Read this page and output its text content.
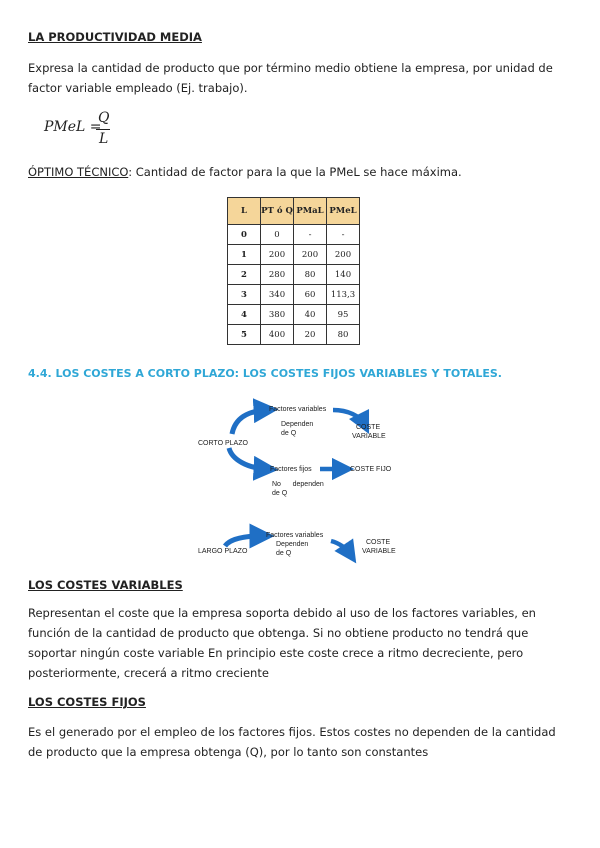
LA PRODUCTIVIDAD MEDIA
Expresa la cantidad de producto que por término medio obtiene la empresa, por unidad de factor variable empleado (Ej. trabajo).
PMeL =
Q
L
ÓPTIMO TÉCNICO: Cantidad de factor para la que la PMeL se hace máxima.
L	PT ó Q	PMaL	PMeL
0	0	-	-
1	200	200	200
2	280	80	140
3	340	60	113,3
4	380	40	95
5	400	20	80
4.4. LOS COSTES A CORTO PLAZO: LOS COSTES FIJOS VARIABLES Y TOTALES.
CORTO PLAZO
Factores variables
Dependen
de Q
COSTE
VARIABLE
Factores fijos	COSTE FIJO
No      dependen
de Q
LARGO PLAZO
Factores variables
Dependen
de Q
COSTE
VARIABLE
LOS COSTES VARIABLES
Representan el coste que la empresa soporta debido al uso de los factores variables, en función de la cantidad de producto que obtenga. Si no obtiene producto no tendrá que soportar ningún coste variable En principio este coste crece a ritmo decreciente, pero posteriormente, crecerá a ritmo creciente
LOS COSTES FIJOS
Es el generado por el empleo de los factores fijos. Estos costes no dependen de la cantidad de producto que la empresa obtenga (Q), por lo tanto son constantes
